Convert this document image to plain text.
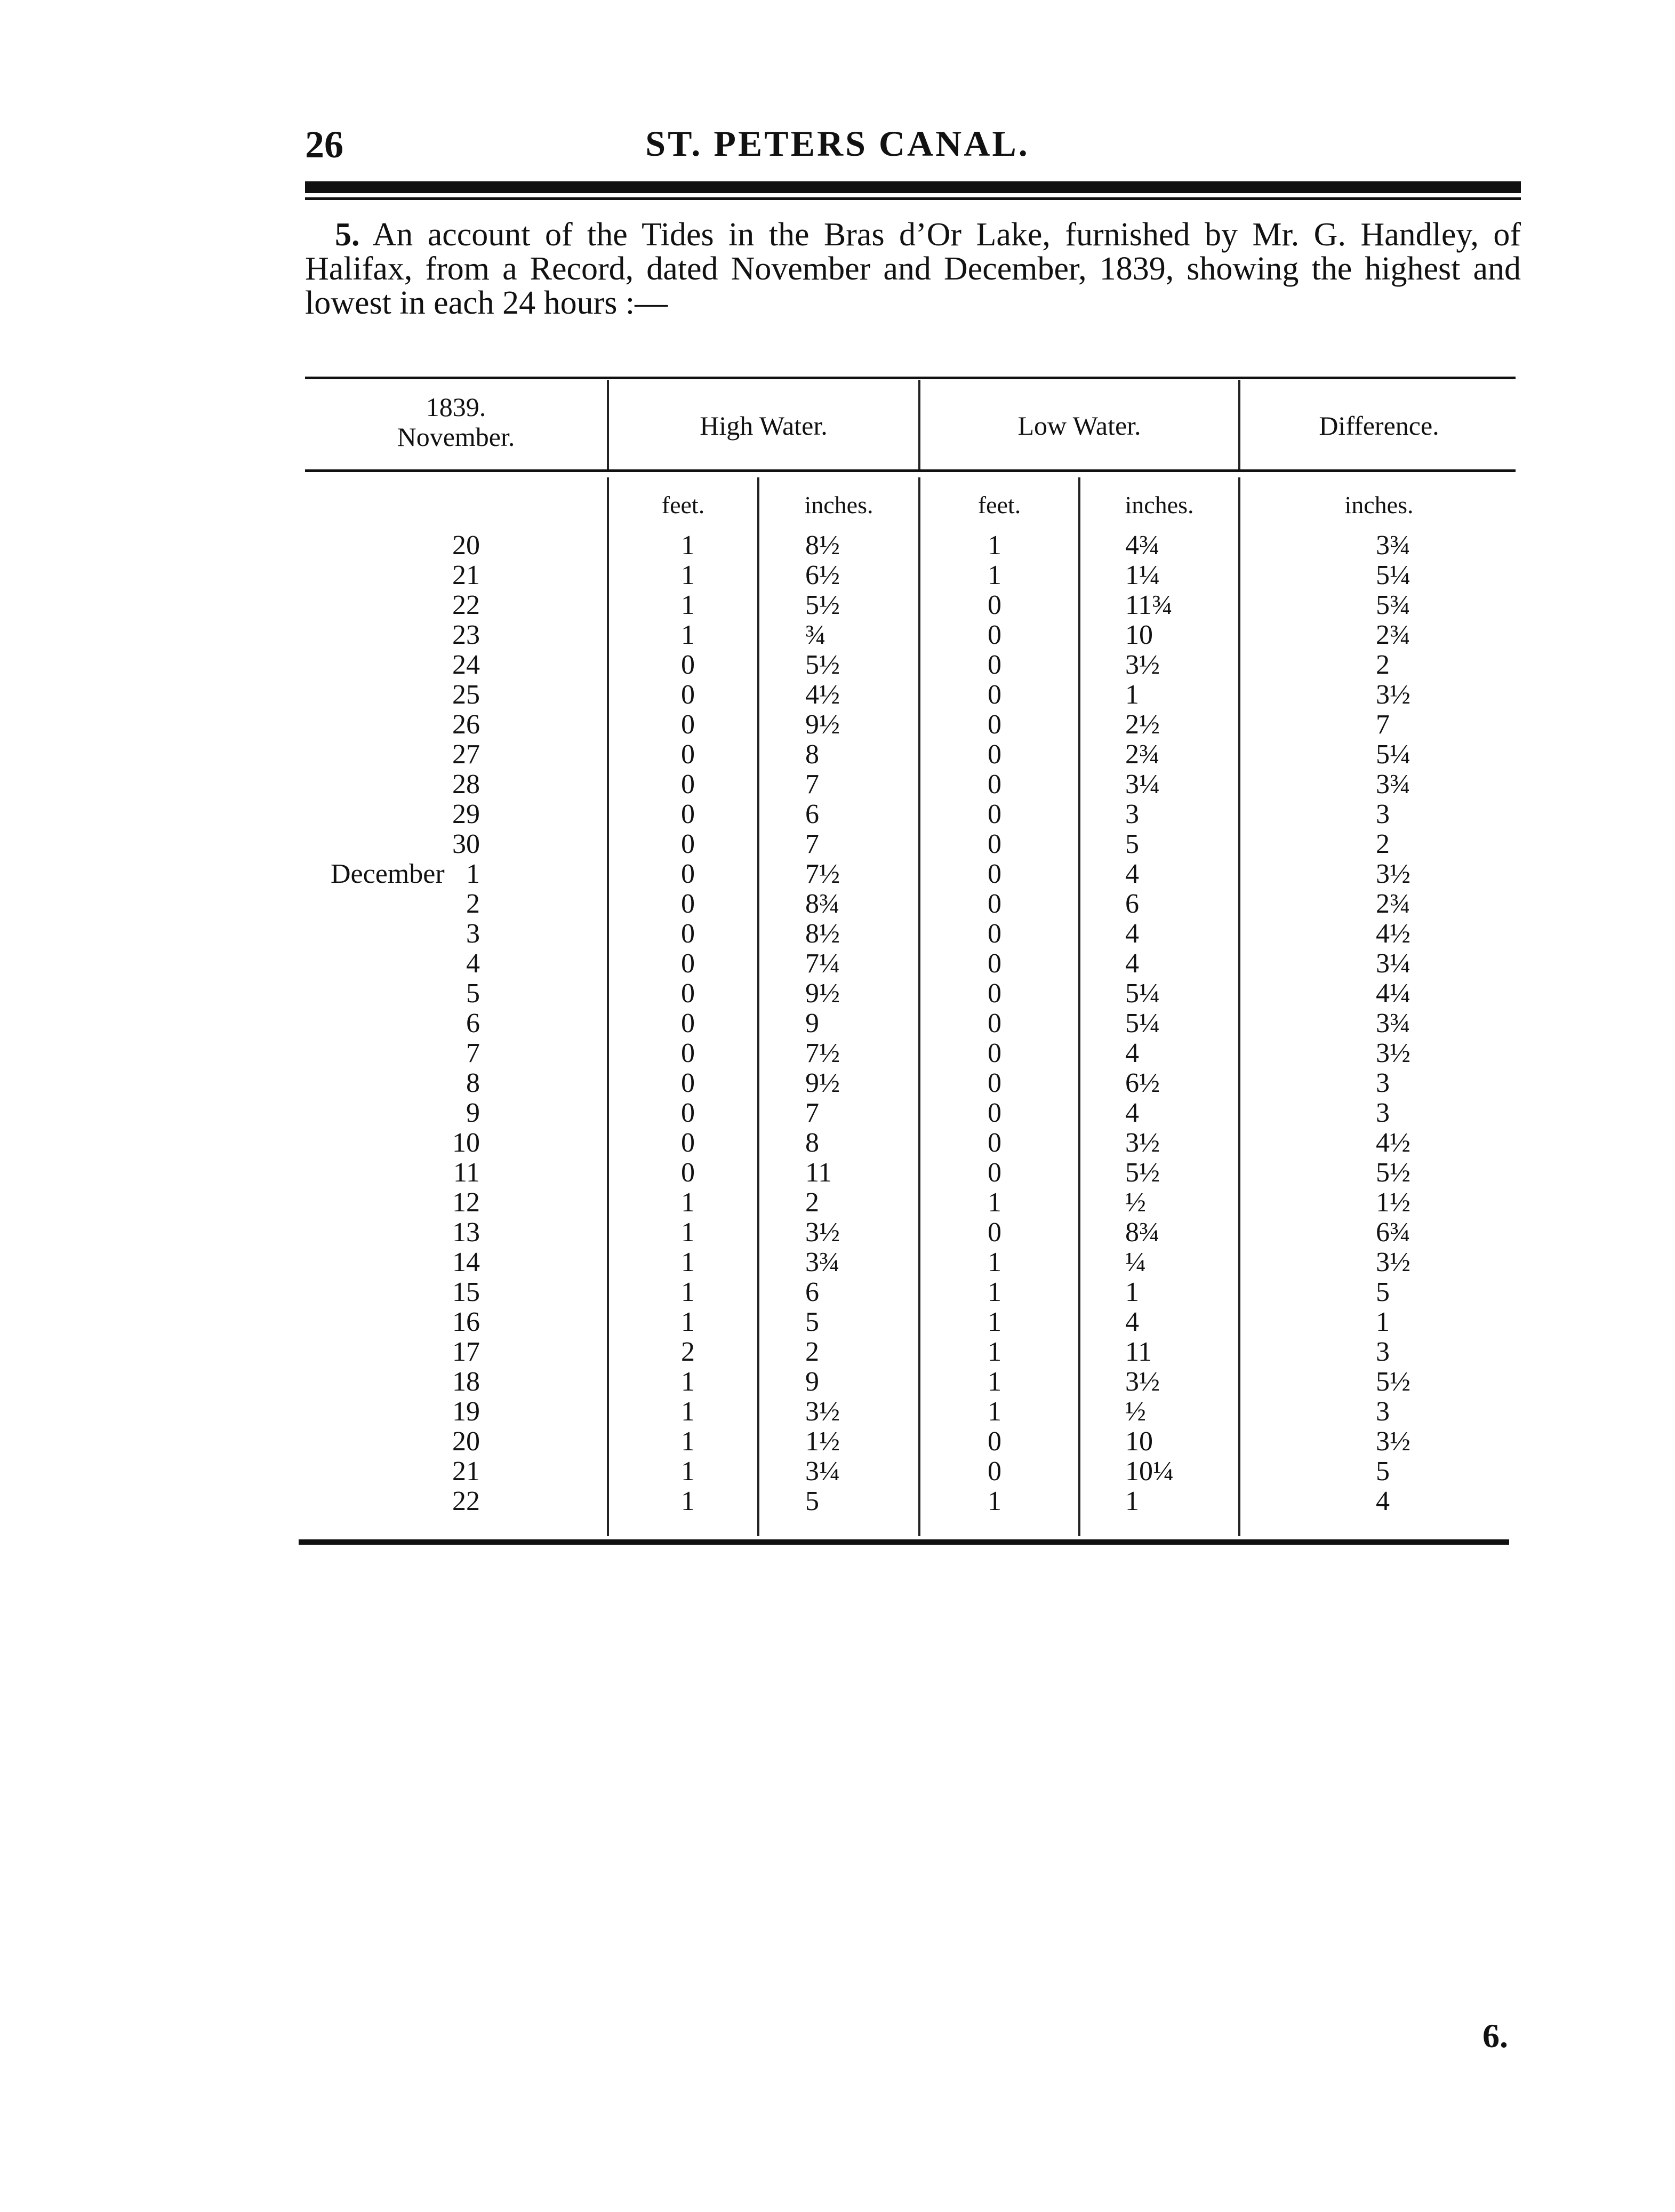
26	ST. PETERS CANAL.
5. An account of the Tides in the Bras d’Or Lake, furnished by Mr. G. Handley, of Halifax, from a Record, dated November and December, 1839, showing the highest and lowest in each 24 hours :—
1839.
November.	High Water.	Low Water.	Difference.
feet.	inches.	feet.	inches.	inches.
20	1	8½	1	4¾	3¾
21	1	6½	1	1¼	5¼
22	1	5½	0	11¾	5¾
23	1	¾	0	10	2¾
24	0	5½	0	3½	2
25	0	4½	0	1	3½
26	0	9½	0	2½	7
27	0	8	0	2¾	5¼
28	0	7	0	3¼	3¾
29	0	6	0	3	3
30	0	7	0	5	2
December 1	0	7½	0	4	3½
2	0	8¾	0	6	2¾
3	0	8½	0	4	4½
4	0	7¼	0	4	3¼
5	0	9½	0	5¼	4¼
6	0	9	0	5¼	3¾
7	0	7½	0	4	3½
8	0	9½	0	6½	3
9	0	7	0	4	3
10	0	8	0	3½	4½
11	0	11	0	5½	5½
12	1	2	1	½	1½
13	1	3½	0	8¾	6¾
14	1	3¾	1	¼	3½
15	1	6	1	1	5
16	1	5	1	4	1
17	2	2	1	11	3
18	1	9	1	3½	5½
19	1	3½	1	½	3
20	1	1½	0	10	3½
21	1	3¼	0	10¼	5
22	1	5	1	1	4
6.
